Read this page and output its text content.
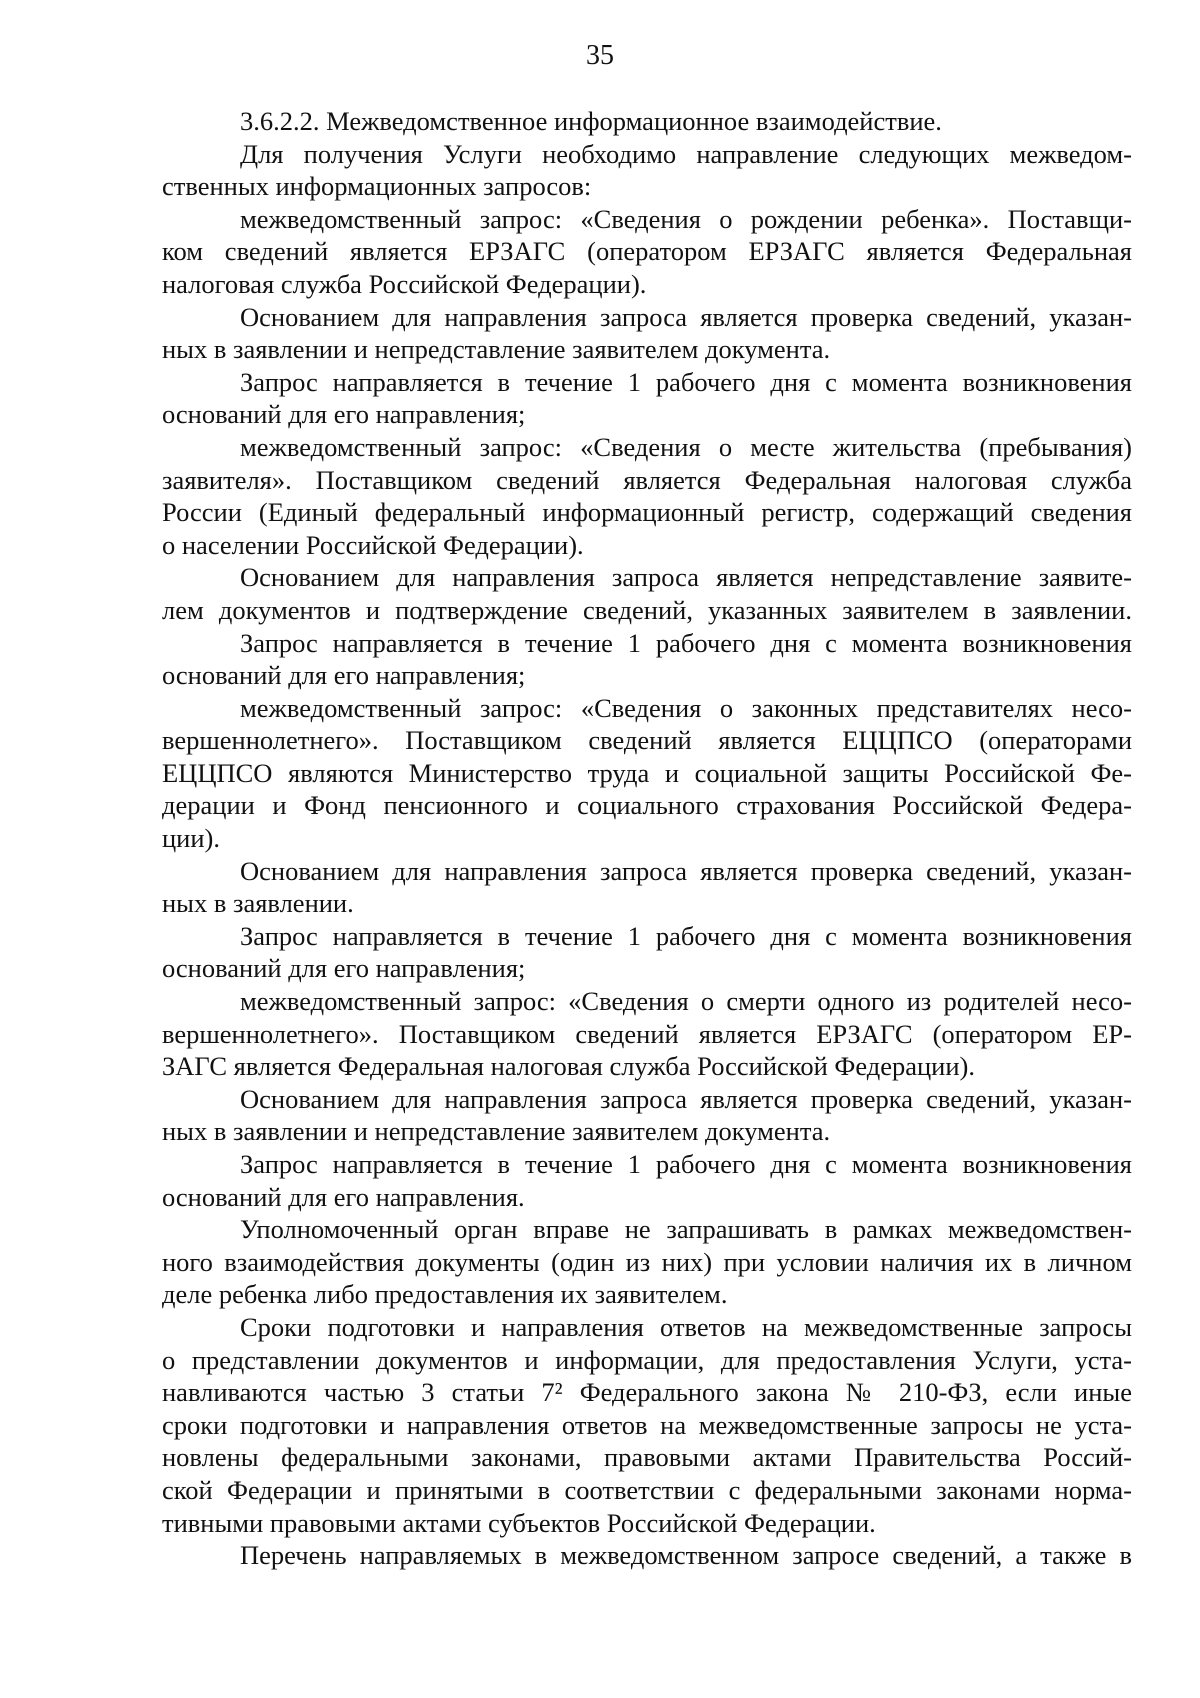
35
3.6.2.2. Межведомственное информационное взаимодействие.
Для получения Услуги необходимо направление следующих межведом-
ственных информационных запросов:
межведомственный запрос: «Сведения о рождении ребенка». Поставщи-
ком сведений является ЕРЗАГС (оператором ЕРЗАГС является Федеральная
налоговая служба Российской Федерации).
Основанием для направления запроса является проверка сведений, указан-
ных в заявлении и непредставление заявителем документа.
Запрос направляется в течение 1 рабочего дня с момента возникновения
оснований для его направления;
межведомственный запрос: «Сведения о месте жительства (пребывания)
заявителя». Поставщиком сведений является Федеральная налоговая служба
России (Единый федеральный информационный регистр, содержащий сведения
о населении Российской Федерации).
Основанием для направления запроса является непредставление заявите-
лем документов и подтверждение сведений, указанных заявителем в заявлении.
Запрос направляется в течение 1 рабочего дня с момента возникновения
оснований для его направления;
межведомственный запрос: «Сведения о законных представителях несо-
вершеннолетнего». Поставщиком сведений является ЕЦЦПСО (операторами
ЕЦЦПСО являются Министерство труда и социальной защиты Российской Фе-
дерации и Фонд пенсионного и социального страхования Российской Федера-
ции).
Основанием для направления запроса является проверка сведений, указан-
ных в заявлении.
Запрос направляется в течение 1 рабочего дня с момента возникновения
оснований для его направления;
межведомственный запрос: «Сведения о смерти одного из родителей несо-
вершеннолетнего». Поставщиком сведений является ЕРЗАГС (оператором ЕР-
ЗАГС является Федеральная налоговая служба Российской Федерации).
Основанием для направления запроса является проверка сведений, указан-
ных в заявлении и непредставление заявителем документа.
Запрос направляется в течение 1 рабочего дня с момента возникновения
оснований для его направления.
Уполномоченный орган вправе не запрашивать в рамках межведомствен-
ного взаимодействия документы (один из них) при условии наличия их в личном
деле ребенка либо предоставления их заявителем.
Сроки подготовки и направления ответов на межведомственные запросы
о представлении документов и информации, для предоставления Услуги, уста-
навливаются частью 3 статьи 7² Федерального закона № 210-ФЗ, если иные
сроки подготовки и направления ответов на межведомственные запросы не уста-
новлены федеральными законами, правовыми актами Правительства Россий-
ской Федерации и принятыми в соответствии с федеральными законами норма-
тивными правовыми актами субъектов Российской Федерации.
Перечень направляемых в межведомственном запросе сведений, а также в
